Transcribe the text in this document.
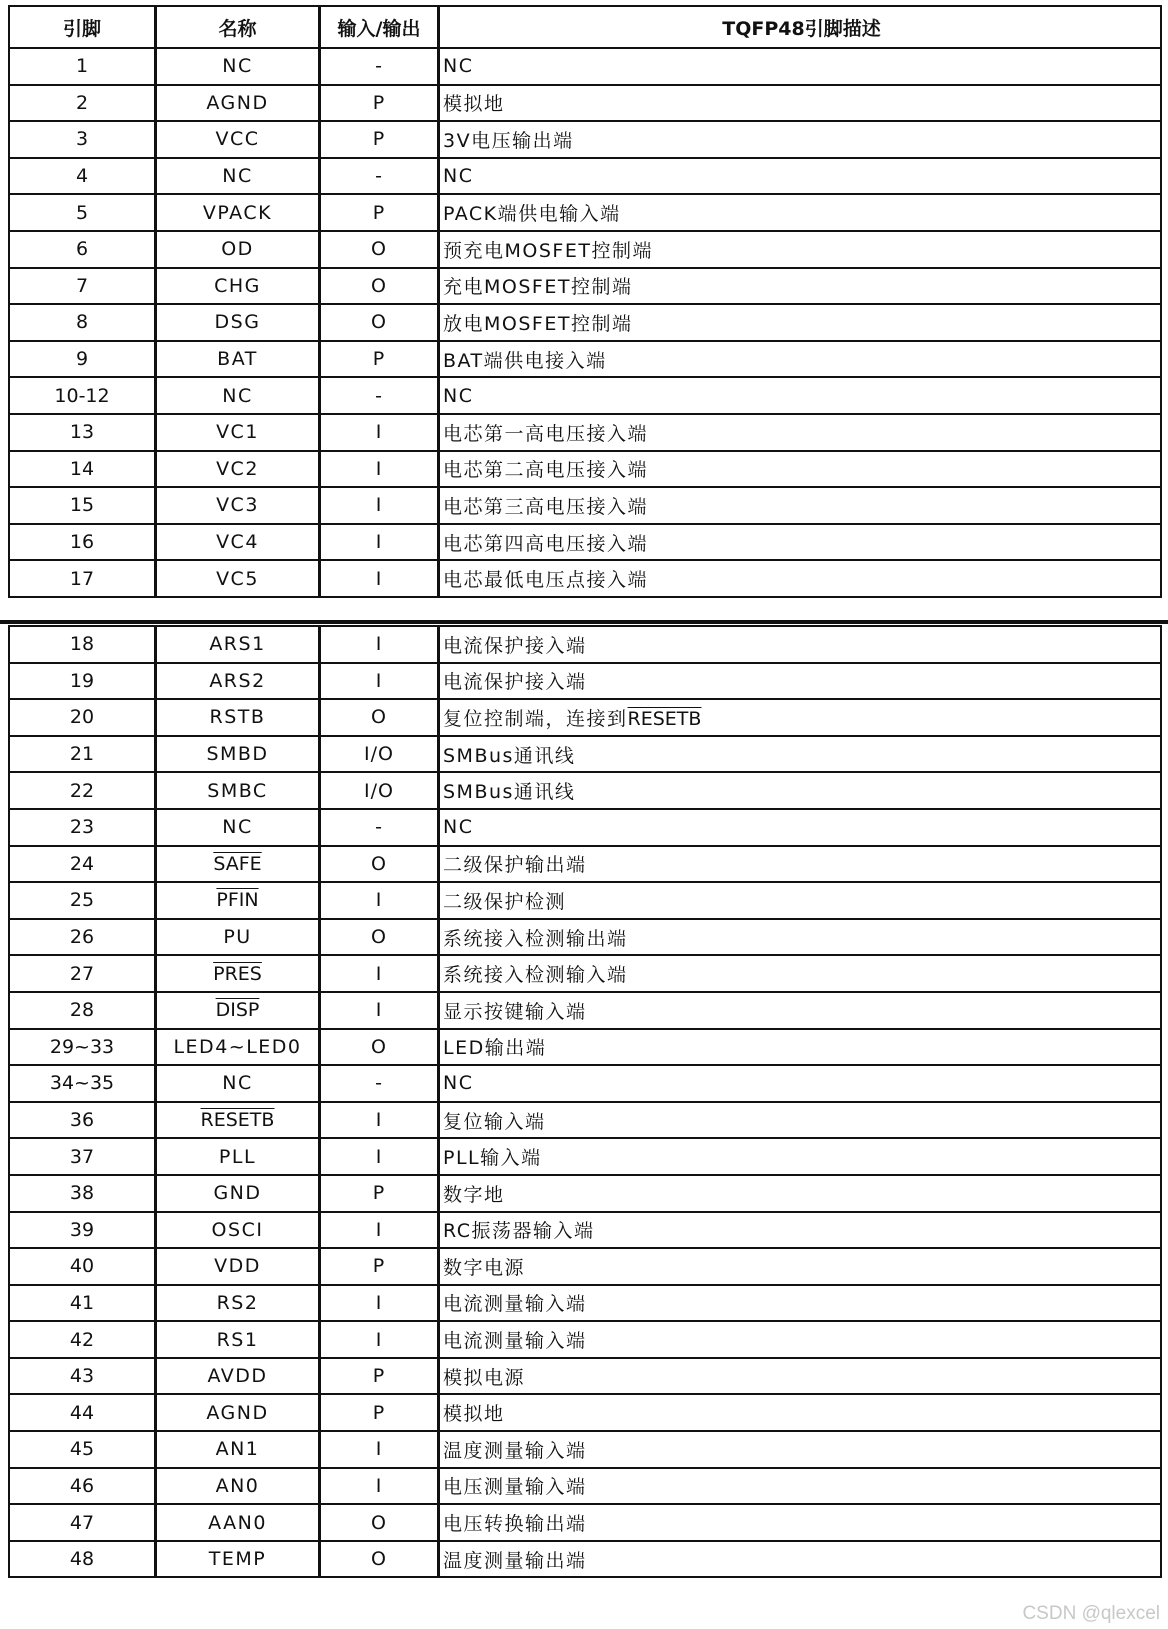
引脚	名称	输入/输出	TQFP48引脚描述
1	NC	-	NC
2	AGND	P	模拟地
3	VCC	P	3V电压输出端
4	NC	-	NC
5	VPACK	P	PACK端供电输入端
6	OD	O	预充电MOSFET控制端
7	CHG	O	充电MOSFET控制端
8	DSG	O	放电MOSFET控制端
9	BAT	P	BAT端供电接入端
10-12	NC	-	NC
13	VC1	I	电芯第一高电压接入端
14	VC2	I	电芯第二高电压接入端
15	VC3	I	电芯第三高电压接入端
16	VC4	I	电芯第四高电压接入端
17	VC5	I	电芯最低电压点接入端
18	ARS1	I	电流保护接入端
19	ARS2	I	电流保护接入端
20	RSTB	O	复位控制端，连接到RESETB
21	SMBD	I/O	SMBus通讯线
22	SMBC	I/O	SMBus通讯线
23	NC	-	NC
24	SAFE	O	二级保护输出端
25	PFIN	I	二级保护检测
26	PU	O	系统接入检测输出端
27	PRES	I	系统接入检测输入端
28	DISP	I	显示按键输入端
29~33	LED4~LED0	O	LED输出端
34~35	NC	-	NC
36	RESETB	I	复位输入端
37	PLL	I	PLL输入端
38	GND	P	数字地
39	OSCI	I	RC振荡器输入端
40	VDD	P	数字电源
41	RS2	I	电流测量输入端
42	RS1	I	电流测量输入端
43	AVDD	P	模拟电源
44	AGND	P	模拟地
45	AN1	I	温度测量输入端
46	AN0	I	电压测量输入端
47	AAN0	O	电压转换输出端
48	TEMP	O	温度测量输出端
CSDN @qlexcel
